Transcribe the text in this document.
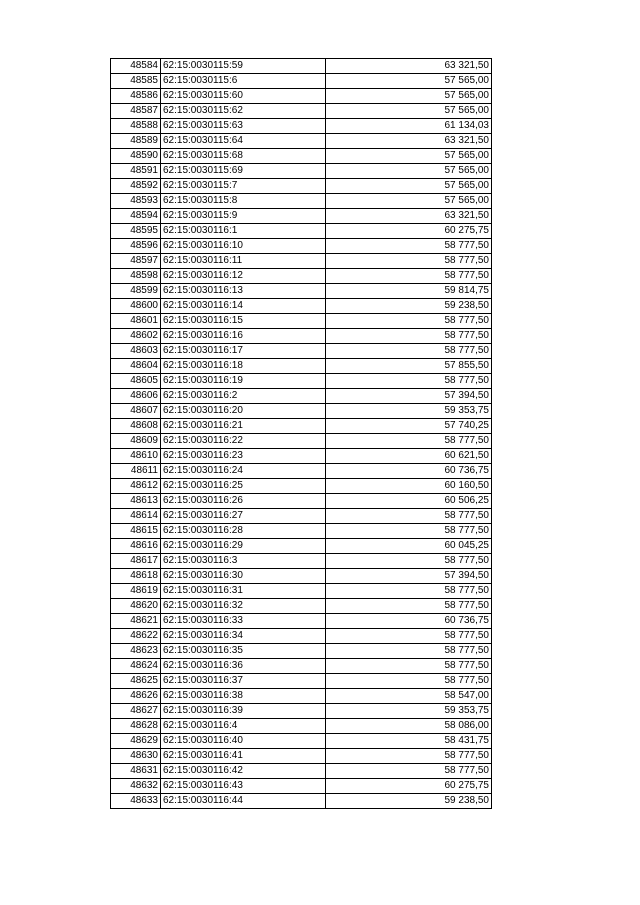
48584	62:15:0030115:59	63 321,50
48585	62:15:0030115:6	57 565,00
48586	62:15:0030115:60	57 565,00
48587	62:15:0030115:62	57 565,00
48588	62:15:0030115:63	61 134,03
48589	62:15:0030115:64	63 321,50
48590	62:15:0030115:68	57 565,00
48591	62:15:0030115:69	57 565,00
48592	62:15:0030115:7	57 565,00
48593	62:15:0030115:8	57 565,00
48594	62:15:0030115:9	63 321,50
48595	62:15:0030116:1	60 275,75
48596	62:15:0030116:10	58 777,50
48597	62:15:0030116:11	58 777,50
48598	62:15:0030116:12	58 777,50
48599	62:15:0030116:13	59 814,75
48600	62:15:0030116:14	59 238,50
48601	62:15:0030116:15	58 777,50
48602	62:15:0030116:16	58 777,50
48603	62:15:0030116:17	58 777,50
48604	62:15:0030116:18	57 855,50
48605	62:15:0030116:19	58 777,50
48606	62:15:0030116:2	57 394,50
48607	62:15:0030116:20	59 353,75
48608	62:15:0030116:21	57 740,25
48609	62:15:0030116:22	58 777,50
48610	62:15:0030116:23	60 621,50
48611	62:15:0030116:24	60 736,75
48612	62:15:0030116:25	60 160,50
48613	62:15:0030116:26	60 506,25
48614	62:15:0030116:27	58 777,50
48615	62:15:0030116:28	58 777,50
48616	62:15:0030116:29	60 045,25
48617	62:15:0030116:3	58 777,50
48618	62:15:0030116:30	57 394,50
48619	62:15:0030116:31	58 777,50
48620	62:15:0030116:32	58 777,50
48621	62:15:0030116:33	60 736,75
48622	62:15:0030116:34	58 777,50
48623	62:15:0030116:35	58 777,50
48624	62:15:0030116:36	58 777,50
48625	62:15:0030116:37	58 777,50
48626	62:15:0030116:38	58 547,00
48627	62:15:0030116:39	59 353,75
48628	62:15:0030116:4	58 086,00
48629	62:15:0030116:40	58 431,75
48630	62:15:0030116:41	58 777,50
48631	62:15:0030116:42	58 777,50
48632	62:15:0030116:43	60 275,75
48633	62:15:0030116:44	59 238,50
